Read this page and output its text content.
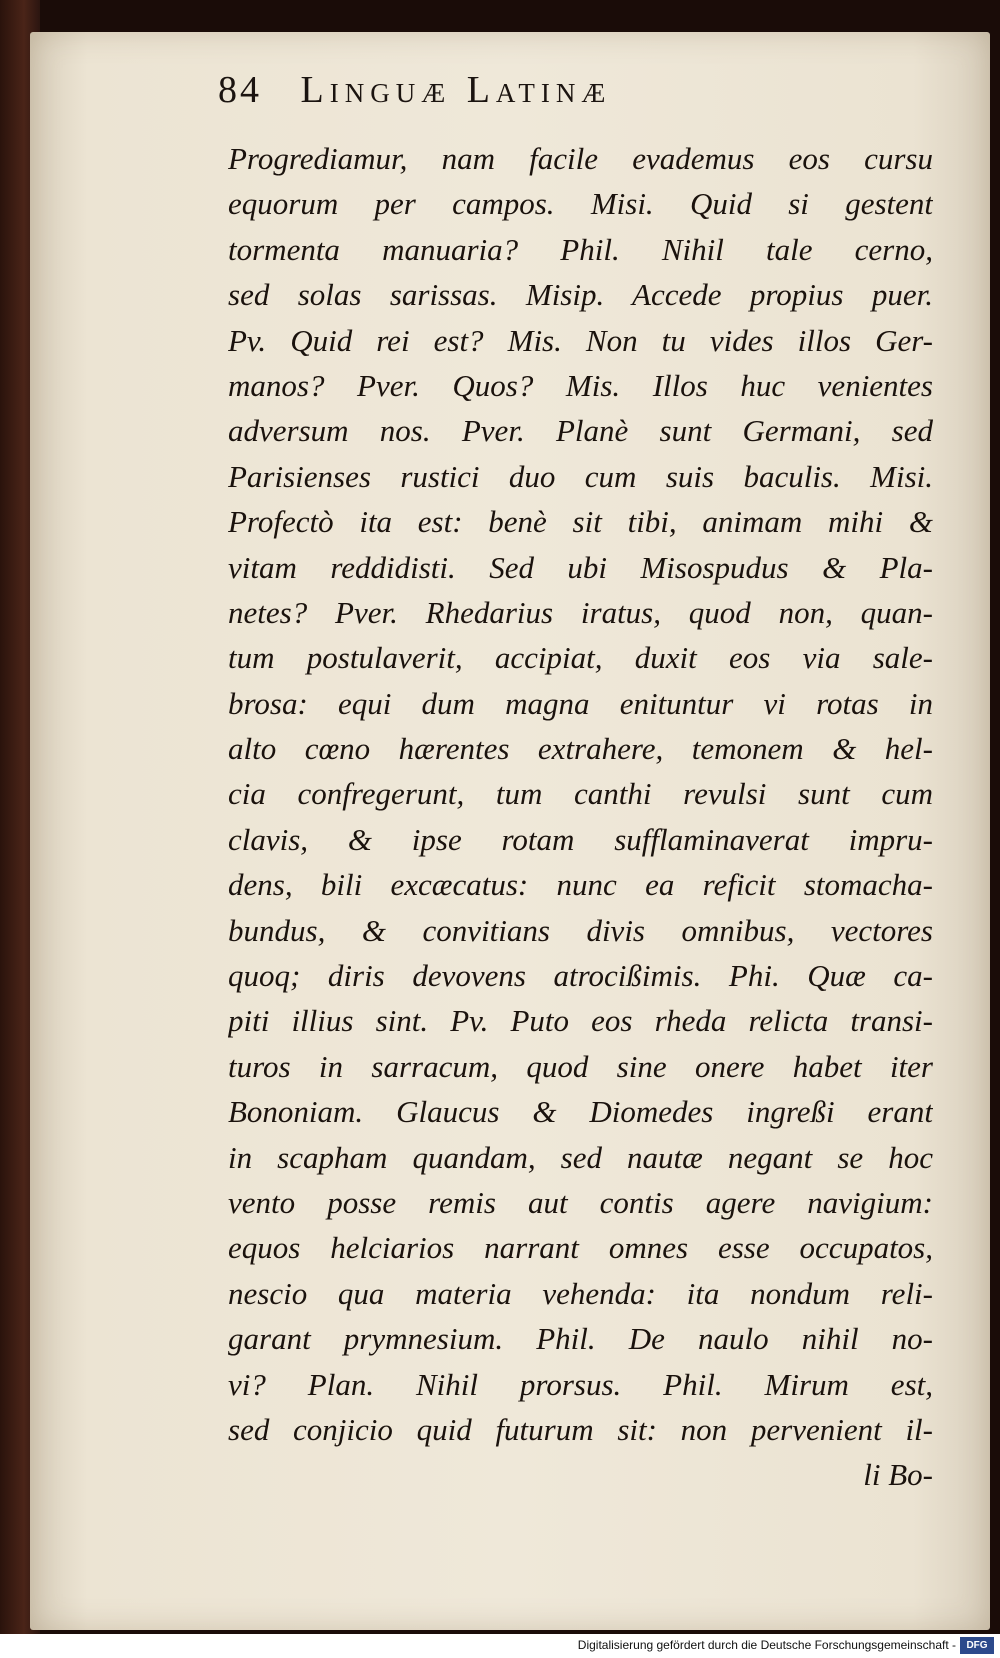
84 Linguæ Latinæ
Progrediamur, nam facile evademus eos cursu
equorum per campos. Misi. Quid si gestent
tormenta manuaria? Phil. Nihil tale cerno,
sed solas sarissas. Misip. Accede propius puer.
Pv. Quid rei est? Mis. Non tu vides illos Ger-
manos? Pver. Quos? Mis. Illos huc venientes
adversum nos. Pver. Planè sunt Germani, sed
Parisienses rustici duo cum suis baculis. Misi.
Profectò ita est: benè sit tibi, animam mihi &
vitam reddidisti. Sed ubi Misospudus & Pla-
netes? Pver. Rhedarius iratus, quod non, quan-
tum postulaverit, accipiat, duxit eos via sale-
brosa: equi dum magna enituntur vi rotas in
alto cœno hærentes extrahere, temonem & hel-
cia confregerunt, tum canthi revulsi sunt cum
clavis, & ipse rotam sufflaminaverat impru-
dens, bili excæcatus: nunc ea reficit stomacha-
bundus, & convitians divis omnibus, vectores
quoq; diris devovens atrocißimis. Phi. Quæ ca-
piti illius sint. Pv. Puto eos rheda relicta transi-
turos in sarracum, quod sine onere habet iter
Bononiam. Glaucus & Diomedes ingreßi erant
in scapham quandam, sed nautæ negant se hoc
vento posse remis aut contis agere navigium:
equos helciarios narrant omnes esse occupatos,
nescio qua materia vehenda: ita nondum reli-
garant prymnesium. Phil. De naulo nihil no-
vi? Plan. Nihil prorsus. Phil. Mirum est,
sed conjicio quid futurum sit: non pervenient il-
li Bo-
Digitalisierung gefördert durch die Deutsche Forschungsgemeinschaft -	DFG
